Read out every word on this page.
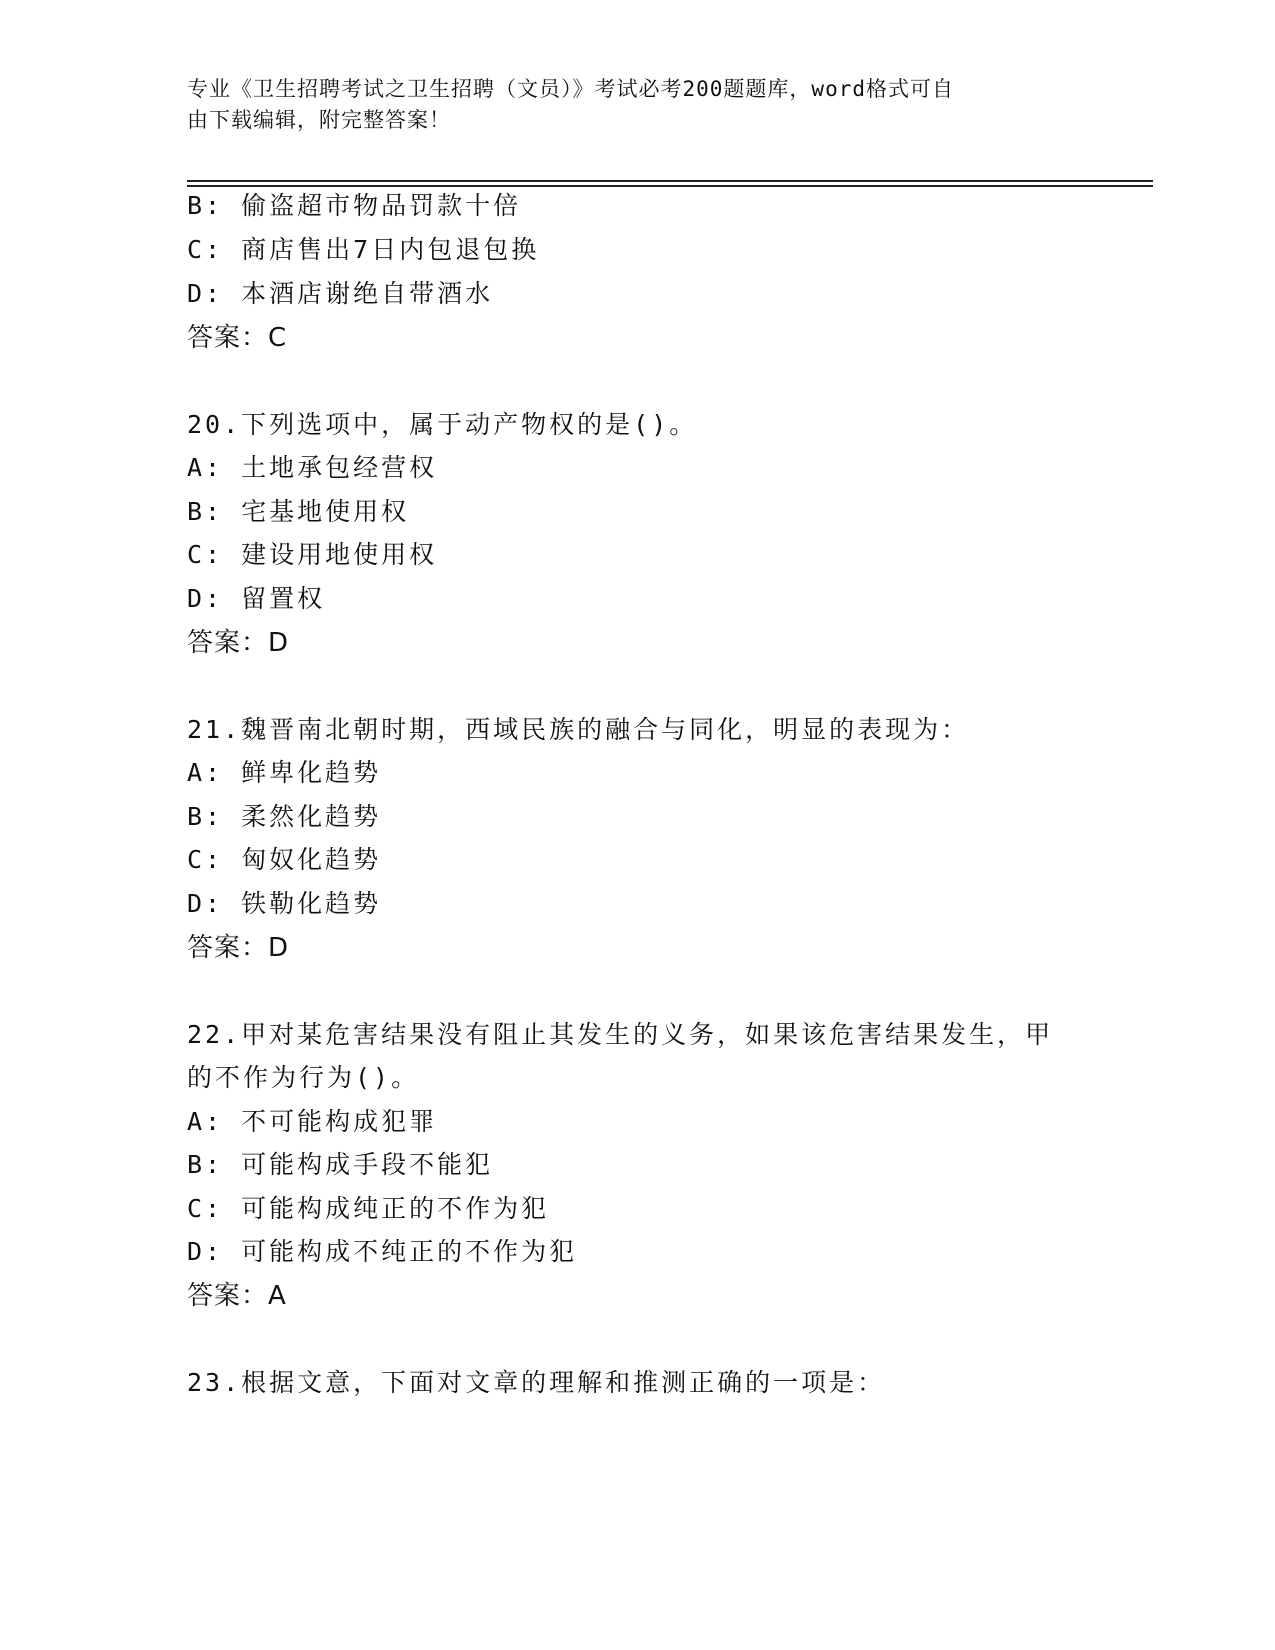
专业《卫生招聘考试之卫生招聘（文员）》考试必考200题题库，word格式可自
由下载编辑，附完整答案！
B: 偷盗超市物品罚款十倍
C: 商店售出7日内包退包换
D: 本酒店谢绝自带酒水
答案：C
20.下列选项中，属于动产物权的是()。
A: 土地承包经营权
B: 宅基地使用权
C: 建设用地使用权
D: 留置权
答案：D
21.魏晋南北朝时期，西域民族的融合与同化，明显的表现为：
A: 鲜卑化趋势
B: 柔然化趋势
C: 匈奴化趋势
D: 铁勒化趋势
答案：D
22.甲对某危害结果没有阻止其发生的义务，如果该危害结果发生，甲
的不作为行为()。
A: 不可能构成犯罪
B: 可能构成手段不能犯
C: 可能构成纯正的不作为犯
D: 可能构成不纯正的不作为犯
答案：A
23.根据文意，下面对文章的理解和推测正确的一项是：
